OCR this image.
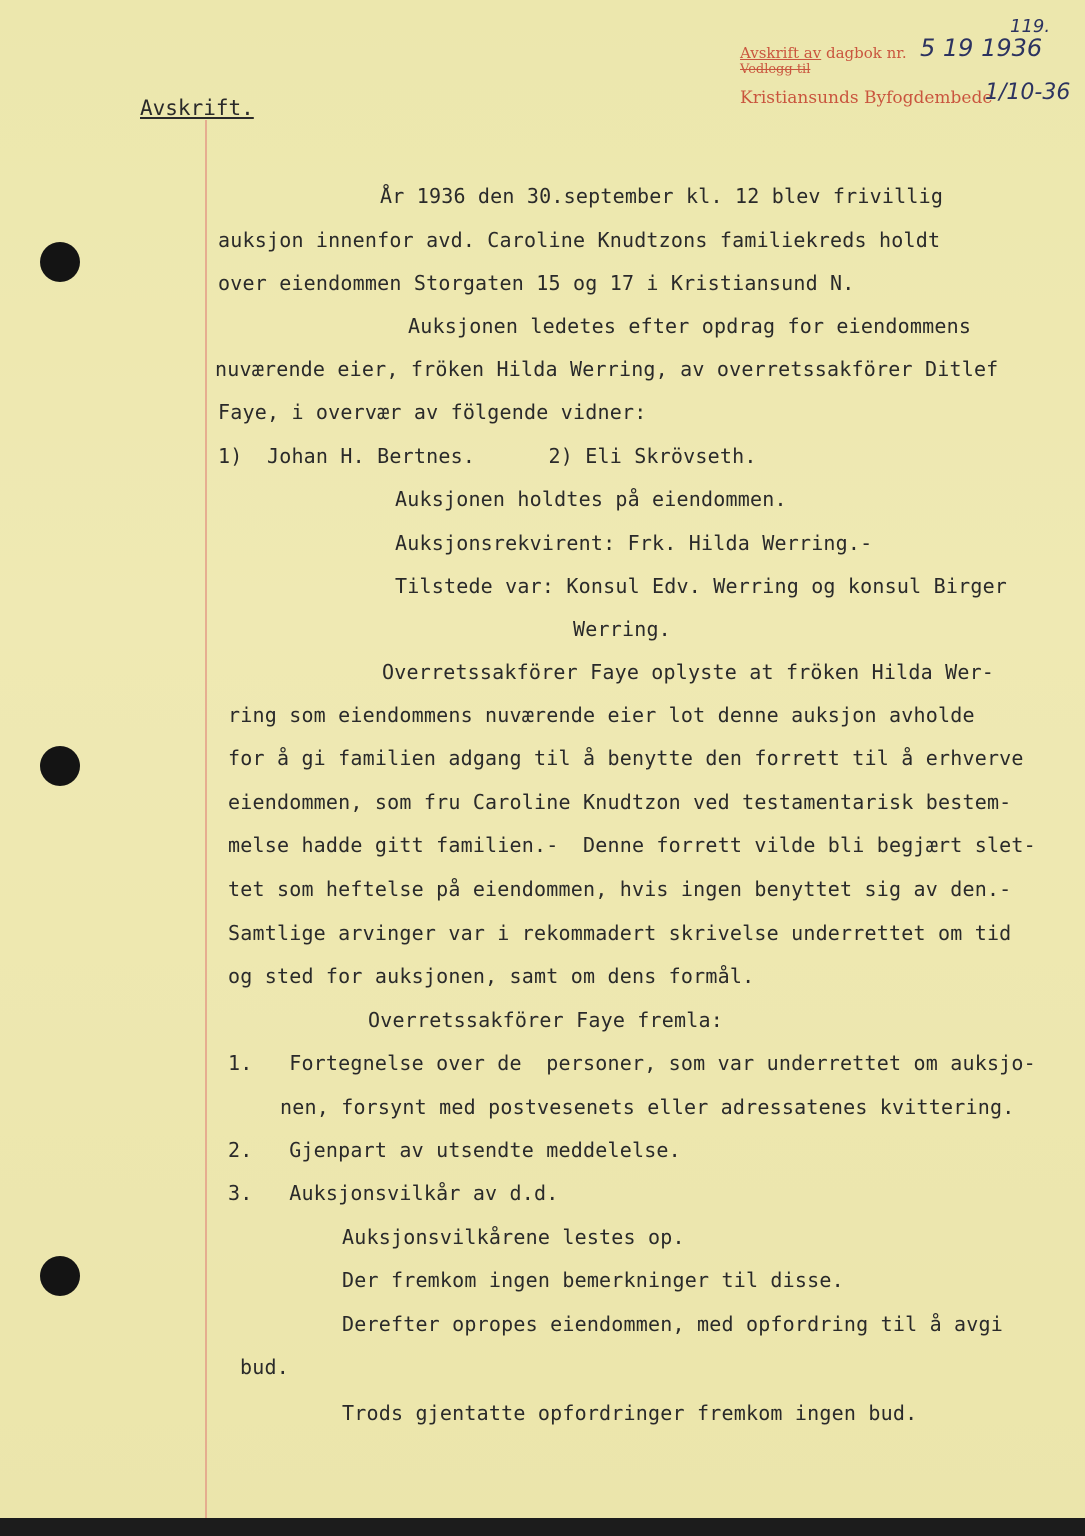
Avskrift av dagbok nr.
Vedlegg til
Kristiansunds Byfogdembede
119.
5 19 1936
1/10-36
Avskrift.
År 1936 den 30.september kl. 12 blev frivillig
auksjon innenfor avd. Caroline Knudtzons familiekreds holdt
over eiendommen Storgaten 15 og 17 i Kristiansund N.
Auksjonen ledetes efter opdrag for eiendommens
nuværende eier, fröken Hilda Werring, av overretssakförer Ditlef
Faye, i overvær av fölgende vidner:
1)  Johan H. Bertnes.      2) Eli Skrövseth.
Auksjonen holdtes på eiendommen.
Auksjonsrekvirent: Frk. Hilda Werring.-
Tilstede var: Konsul Edv. Werring og konsul Birger
Werring.
Overretssakförer Faye oplyste at fröken Hilda Wer-
ring som eiendommens nuværende eier lot denne auksjon avholde
for å gi familien adgang til å benytte den forrett til å erhverve
eiendommen, som fru Caroline Knudtzon ved testamentarisk bestem-
melse hadde gitt familien.-  Denne forrett vilde bli begjært slet-
tet som heftelse på eiendommen, hvis ingen benyttet sig av den.-
Samtlige arvinger var i rekommadert skrivelse underrettet om tid
og sted for auksjonen, samt om dens formål.
Overretssakförer Faye fremla:
1.   Fortegnelse over de  personer, som var underrettet om auksjo-
nen, forsynt med postvesenets eller adressatenes kvittering.
2.   Gjenpart av utsendte meddelelse.
3.   Auksjonsvilkår av d.d.
Auksjonsvilkårene lestes op.
Der fremkom ingen bemerkninger til disse.
Derefter opropes eiendommen, med opfordring til å avgi
bud.
Trods gjentatte opfordringer fremkom ingen bud.
